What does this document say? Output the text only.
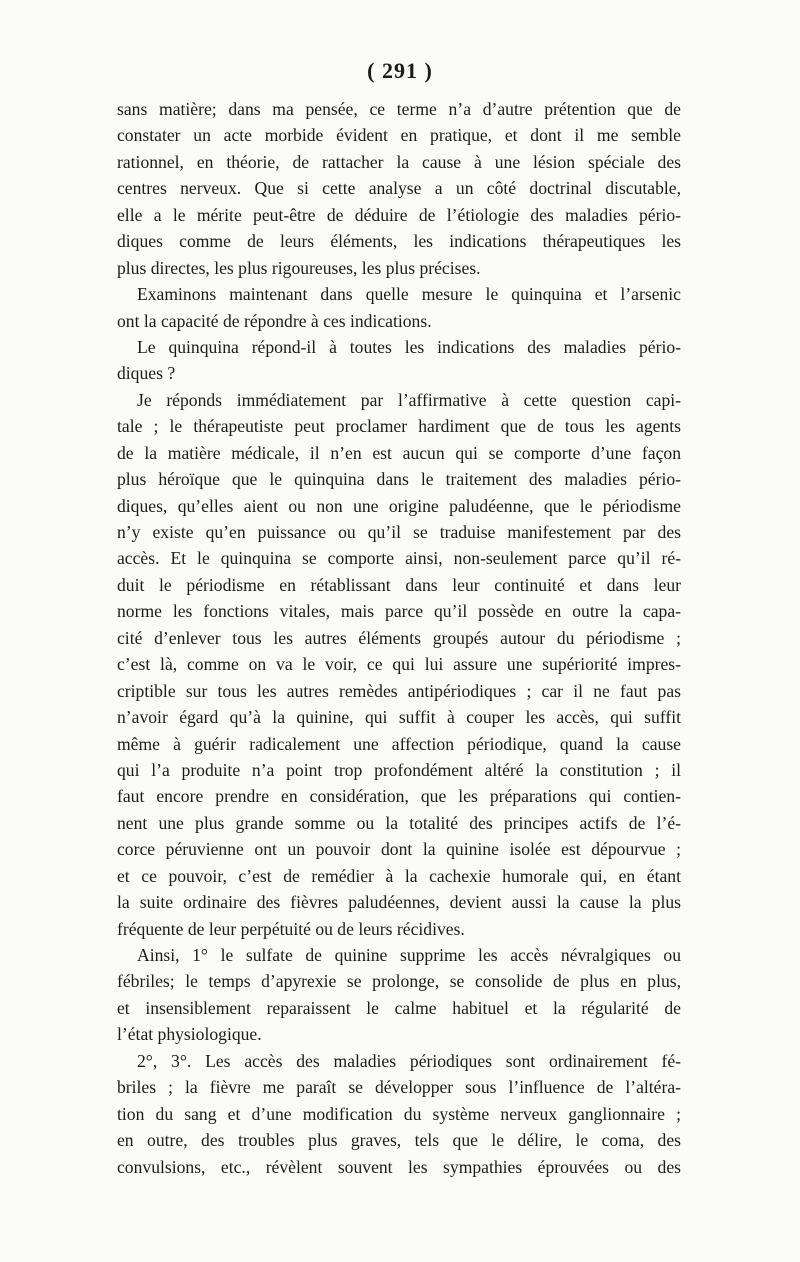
( 291 )
sans matière; dans ma pensée, ce terme n’a d’autre prétention que de
constater un acte morbide évident en pratique, et dont il me semble
rationnel, en théorie, de rattacher la cause à une lésion spéciale des
centres nerveux. Que si cette analyse a un côté doctrinal discutable,
elle a le mérite peut-être de déduire de l’étiologie des maladies pério-
diques comme de leurs éléments, les indications thérapeutiques les
plus directes, les plus rigoureuses, les plus précises.
Examinons maintenant dans quelle mesure le quinquina et l’arsenic
ont la capacité de répondre à ces indications.
Le quinquina répond-il à toutes les indications des maladies pério-
diques ?
Je réponds immédiatement par l’affirmative à cette question capi-
tale ; le thérapeutiste peut proclamer hardiment que de tous les agents
de la matière médicale, il n’en est aucun qui se comporte d’une façon
plus héroïque que le quinquina dans le traitement des maladies pério-
diques, qu’elles aient ou non une origine paludéenne, que le périodisme
n’y existe qu’en puissance ou qu’il se traduise manifestement par des
accès. Et le quinquina se comporte ainsi, non-seulement parce qu’il ré-
duit le périodisme en rétablissant dans leur continuité et dans leur
norme les fonctions vitales, mais parce qu’il possède en outre la capa-
cité d’enlever tous les autres éléments groupés autour du périodisme ;
c’est là, comme on va le voir, ce qui lui assure une supériorité impres-
criptible sur tous les autres remèdes antipériodiques ; car il ne faut pas
n’avoir égard qu’à la quinine, qui suffit à couper les accès, qui suffit
même à guérir radicalement une affection périodique, quand la cause
qui l’a produite n’a point trop profondément altéré la constitution ; il
faut encore prendre en considération, que les préparations qui contien-
nent une plus grande somme ou la totalité des principes actifs de l’é-
corce péruvienne ont un pouvoir dont la quinine isolée est dépourvue ;
et ce pouvoir, c’est de remédier à la cachexie humorale qui, en étant
la suite ordinaire des fièvres paludéennes, devient aussi la cause la plus
fréquente de leur perpétuité ou de leurs récidives.
Ainsi, 1° le sulfate de quinine supprime les accès névralgiques ou
fébriles; le temps d’apyrexie se prolonge, se consolide de plus en plus,
et insensiblement reparaissent le calme habituel et la régularité de
l’état physiologique.
2°, 3°. Les accès des maladies périodiques sont ordinairement fé-
briles ; la fièvre me paraît se développer sous l’influence de l’altéra-
tion du sang et d’une modification du système nerveux ganglionnaire ;
en outre, des troubles plus graves, tels que le délire, le coma, des
convulsions, etc., révèlent souvent les sympathies éprouvées ou des
